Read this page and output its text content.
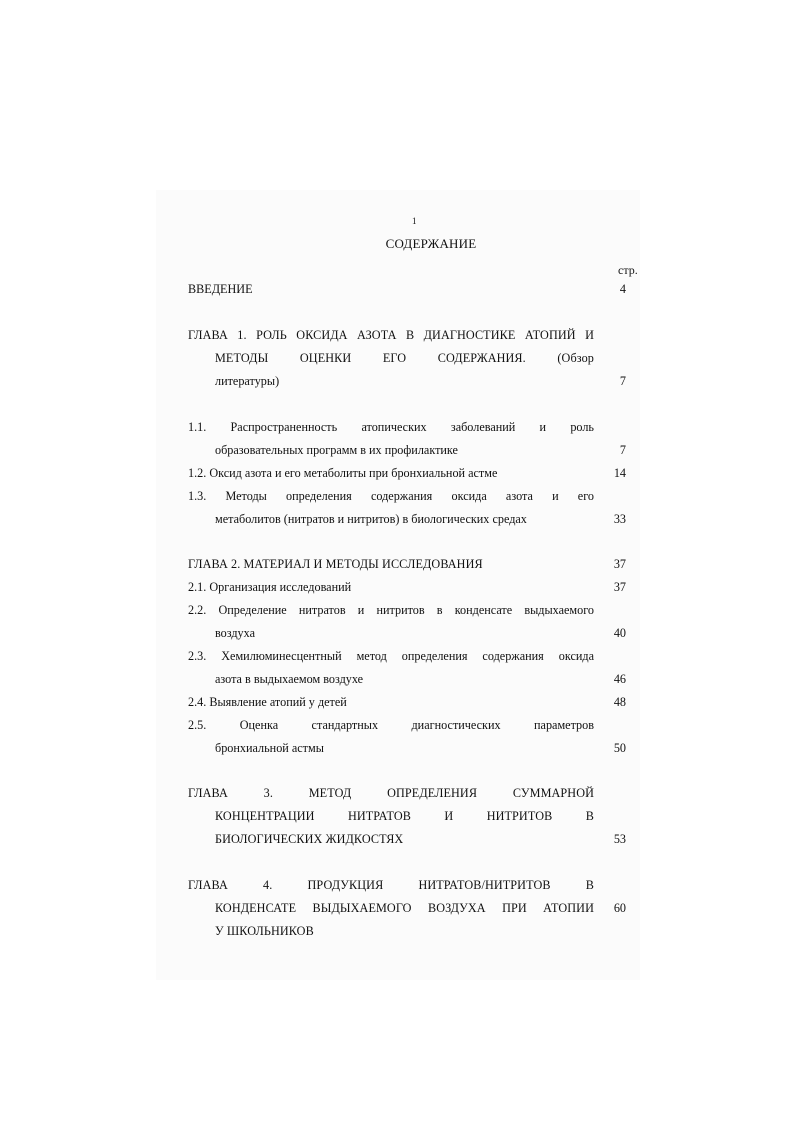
1
СОДЕРЖАНИЕ
стр.
ВВЕДЕНИЕ	4
ГЛАВА 1. РОЛЬ ОКСИДА АЗОТА В ДИАГНОСТИКЕ АТОПИЙ И
МЕТОДЫ ОЦЕНКИ ЕГО СОДЕРЖАНИЯ. (Обзор
литературы)	7
1.1. Распространенность атопических заболеваний и роль
образовательных программ в их профилактике	7
1.2. Оксид азота и его метаболиты при бронхиальной астме	14
1.3. Методы определения содержания оксида азота и его
метаболитов (нитратов и нитритов) в биологических средах	33
ГЛАВА 2. МАТЕРИАЛ И МЕТОДЫ ИССЛЕДОВАНИЯ	37
2.1. Организация исследований	37
2.2. Определение нитратов и нитритов в конденсате выдыхаемого
воздуха	40
2.3. Хемилюминесцентный метод определения содержания оксида
азота в выдыхаемом воздухе	46
2.4. Выявление атопий у детей	48
2.5. Оценка стандартных диагностических параметров
бронхиальной астмы	50
ГЛАВА 3. МЕТОД ОПРЕДЕЛЕНИЯ СУММАРНОЙ
КОНЦЕНТРАЦИИ НИТРАТОВ И НИТРИТОВ В
БИОЛОГИЧЕСКИХ ЖИДКОСТЯХ	53
ГЛАВА 4. ПРОДУКЦИЯ НИТРАТОВ/НИТРИТОВ В
КОНДЕНСАТЕ ВЫДЫХАЕМОГО ВОЗДУХА ПРИ АТОПИИ	60
У ШКОЛЬНИКОВ
